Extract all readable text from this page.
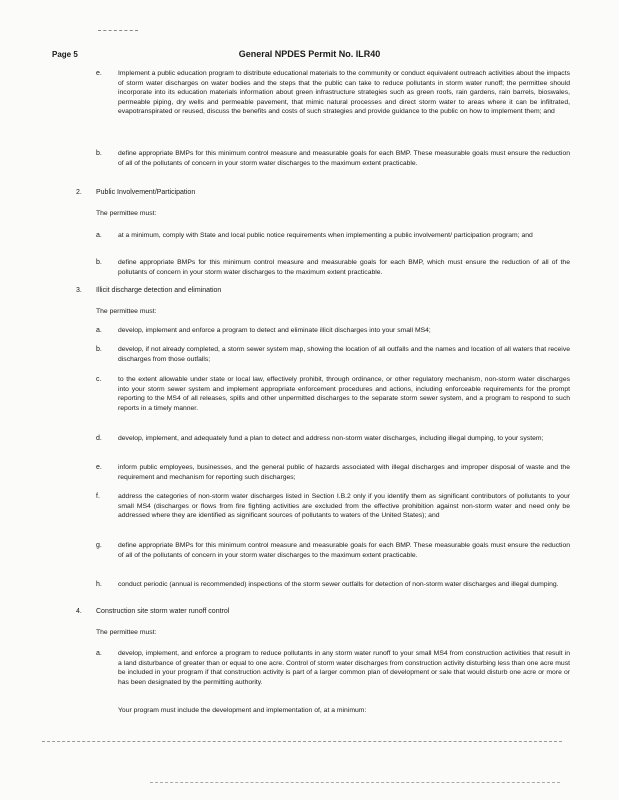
Page 5	General NPDES Permit No. ILR40
e. Implement a public education program to distribute educational materials to the community or conduct equivalent outreach activities about the impacts of storm water discharges on water bodies and the steps that the public can take to reduce pollutants in storm water runoff; the permittee should incorporate into its education materials information about green infrastructure strategies such as green roofs, rain gardens, rain barrels, bioswales, permeable piping, dry wells and permeable pavement, that mimic natural processes and direct storm water to areas where it can be infiltrated, evapotranspirated or reused, discuss the benefits and costs of such strategies and provide guidance to the public on how to implement them; and
b. define appropriate BMPs for this minimum control measure and measurable goals for each BMP. These measurable goals must ensure the reduction of all of the pollutants of concern in your storm water discharges to the maximum extent practicable.
2. Public Involvement/Participation
The permittee must:
a. at a minimum, comply with State and local public notice requirements when implementing a public involvement/ participation program; and
b. define appropriate BMPs for this minimum control measure and measurable goals for each BMP, which must ensure the reduction of all of the pollutants of concern in your storm water discharges to the maximum extent practicable.
3. Illicit discharge detection and elimination
The permittee must:
a. develop, implement and enforce a program to detect and eliminate illicit discharges into your small MS4;
b. develop, if not already completed, a storm sewer system map, showing the location of all outfalls and the names and location of all waters that receive discharges from those outfalls;
c. to the extent allowable under state or local law, effectively prohibit, through ordinance, or other regulatory mechanism, non-storm water discharges into your storm sewer system and implement appropriate enforcement procedures and actions, including enforceable requirements for the prompt reporting to the MS4 of all releases, spills and other unpermitted discharges to the separate storm sewer system, and a program to respond to such reports in a timely manner.
d. develop, implement, and adequately fund a plan to detect and address non-storm water discharges, including illegal dumping, to your system;
e. inform public employees, businesses, and the general public of hazards associated with illegal discharges and improper disposal of waste and the requirement and mechanism for reporting such discharges;
f.	address the categories of non-storm water discharges listed in Section I.B.2 only if you identify them as significant contributors of pollutants to your small MS4 (discharges or flows from fire fighting activities are excluded from the effective prohibition against non-storm water and need only be addressed where they are identified as significant sources of pollutants to waters of the United States); and
g. define appropriate BMPs for this minimum control measure and measurable goals for each BMP. These measurable goals must ensure the reduction of all of the pollutants of concern in your storm water discharges to the maximum extent practicable.
h. conduct periodic (annual is recommended) inspections of the storm sewer outfalls for detection of non-storm water discharges and illegal dumping.
4. Construction site storm water runoff control
The permittee must:
a. develop, implement, and enforce a program to reduce pollutants in any storm water runoff to your small MS4 from construction activities that result in a land disturbance of greater than or equal to one acre. Control of storm water discharges from construction activity disturbing less than one acre must be included in your program if that construction activity is part of a larger common plan of development or sale that would disturb one acre or more or has been designated by the permitting authority.
Your program must include the development and implementation of, at a minimum:
